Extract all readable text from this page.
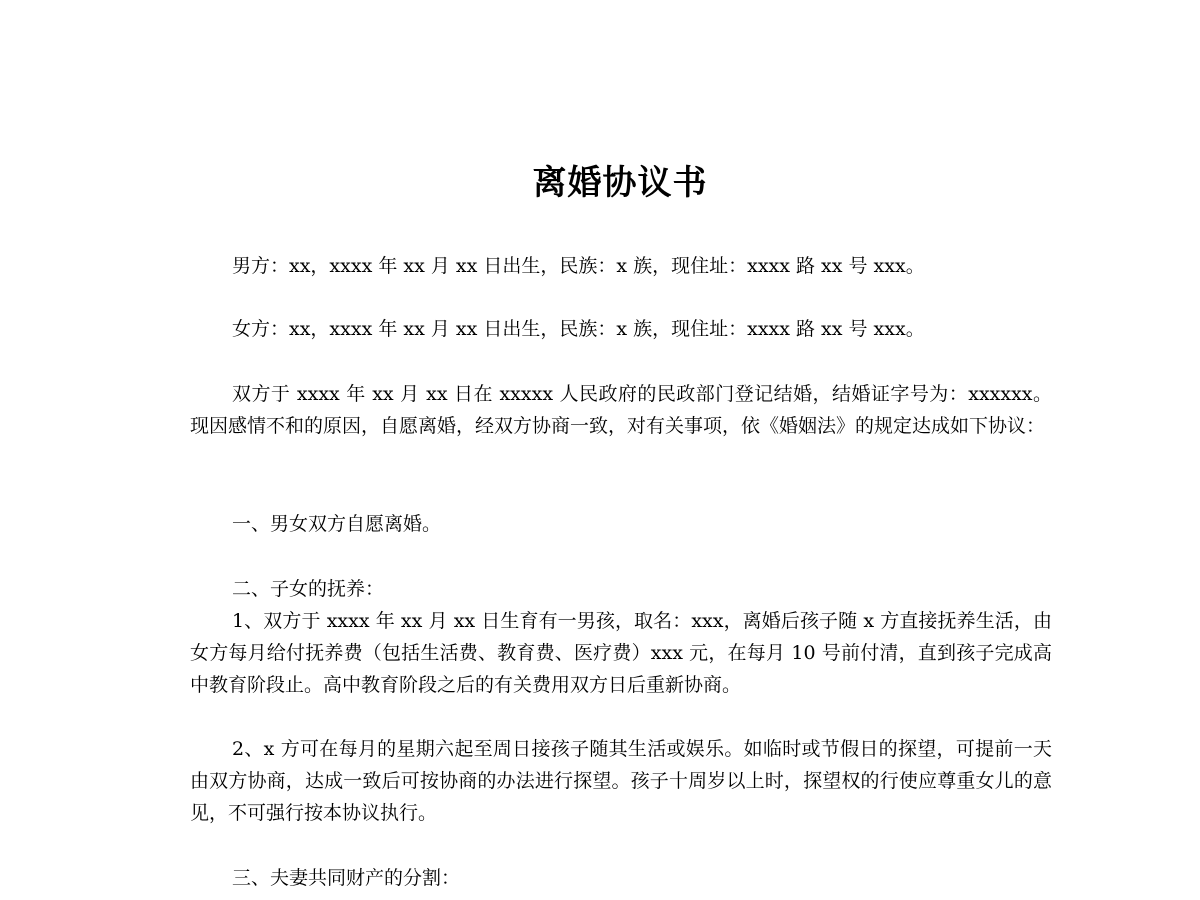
离婚协议书

男方：xx，xxxx 年 xx 月 xx 日出生，民族：x 族，现住址：xxxx 路 xx 号 xxx。

女方：xx，xxxx 年 xx 月 xx 日出生，民族：x 族，现住址：xxxx 路 xx 号 xxx。

双方于 xxxx 年 xx 月 xx 日在 xxxxx 人民政府的民政部门登记结婚，结婚证字号为：xxxxxx。现因感情不和的原因，自愿离婚，经双方协商一致，对有关事项，依《婚姻法》的规定达成如下协议：

一、男女双方自愿离婚。

二、子女的抚养：

1、双方于 xxxx 年 xx 月 xx 日生育有一男孩，取名：xxx，离婚后孩子随 x 方直接抚养生活，由女方每月给付抚养费（包括生活费、教育费、医疗费）xxx 元，在每月 10 号前付清，直到孩子完成高中教育阶段止。高中教育阶段之后的有关费用双方日后重新协商。

2、x 方可在每月的星期六起至周日接孩子随其生活或娱乐。如临时或节假日的探望，可提前一天由双方协商，达成一致后可按协商的办法进行探望。孩子十周岁以上时，探望权的行使应尊重女儿的意见，不可强行按本协议执行。

三、夫妻共同财产的分割：
